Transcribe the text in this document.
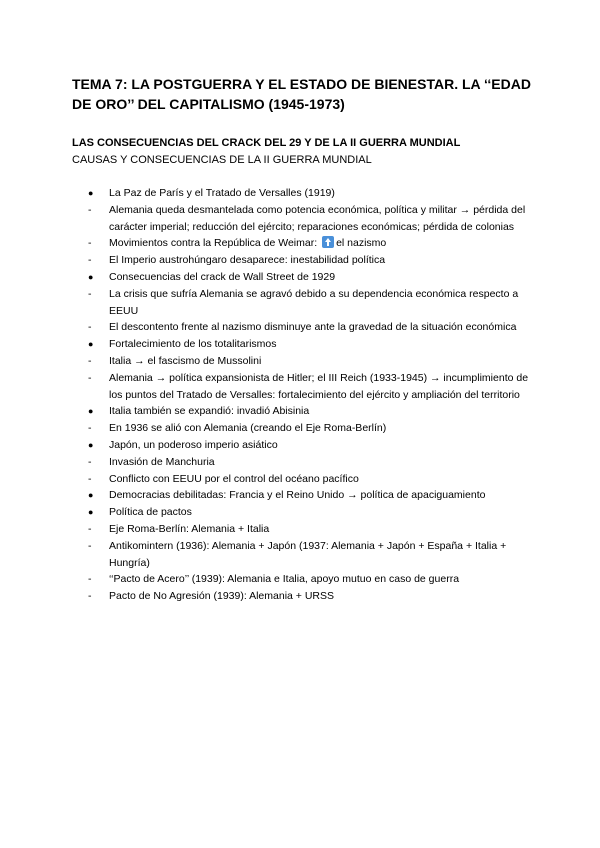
TEMA 7: LA POSTGUERRA Y EL ESTADO DE BIENESTAR. LA ‘‘EDAD DE ORO’’ DEL CAPITALISMO (1945-1973)
LAS CONSECUENCIAS DEL CRACK DEL 29 Y DE LA II GUERRA MUNDIAL
CAUSAS Y CONSECUENCIAS DE LA II GUERRA MUNDIAL
●	La Paz de París y el Tratado de Versalles (1919)
-	Alemania queda desmantelada como potencia económica, política y militar → pérdida del carácter imperial; reducción del ejército; reparaciones económicas; pérdida de colonias
-	Movimientos contra la República de Weimar: el nazismo
-	El Imperio austrohúngaro desaparece: inestabilidad política
●	Consecuencias del crack de Wall Street de 1929
-	La crisis que sufría Alemania se agravó debido a su dependencia económica respecto a EEUU
-	El descontento frente al nazismo disminuye ante la gravedad de la situación económica
●	Fortalecimiento de los totalitarismos
-	Italia → el fascismo de Mussolini
-	Alemania → política expansionista de Hitler; el III Reich (1933-1945) → incumplimiento de los puntos del Tratado de Versalles: fortalecimiento del ejército y ampliación del territorio
●	Italia también se expandió: invadió Abisinia
-	En 1936 se alió con Alemania (creando el Eje Roma-Berlín)
●	Japón, un poderoso imperio asiático
-	Invasión de Manchuria
-	Conflicto con EEUU por el control del océano pacífico
●	Democracias debilitadas: Francia y el Reino Unido → política de apaciguamiento
●	Política de pactos
-	Eje Roma-Berlín: Alemania + Italia
-	Antikomintern (1936): Alemania + Japón (1937: Alemania + Japón + España + Italia + Hungría)
-	‘‘Pacto de Acero’’ (1939): Alemania e Italia, apoyo mutuo en caso de guerra
-	Pacto de No Agresión (1939): Alemania + URSS
